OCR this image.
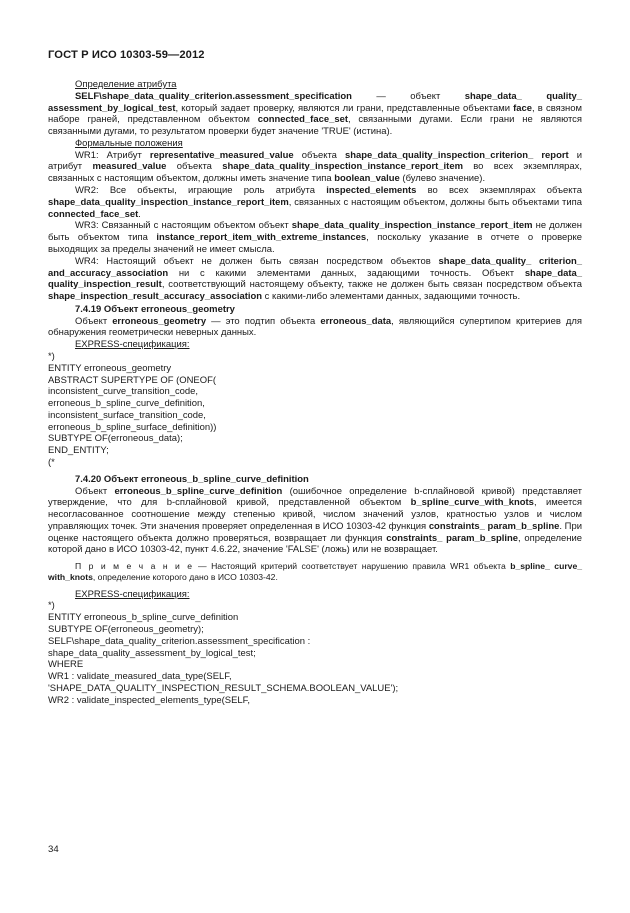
ГОСТ Р ИСО 10303-59—2012

Определение атрибута

SELF\shape_data_quality_criterion.assessment_specification — объект shape_data_ quality_ assessment_by_logical_test, который задает проверку, являются ли грани, представленные объектами face, в связном наборе граней, представленном объектом connected_face_set, связанными дугами. Если грани не являются связанными дугами, то результатом проверки будет значение 'TRUE' (истина).

Формальные положения

WR1: Атрибут representative_measured_value объекта shape_data_quality_inspection_criterion_ report и атрибут measured_value объекта shape_data_quality_inspection_instance_report_item во всех экземплярах, связанных с настоящим объектом, должны иметь значение типа boolean_value (булево значение).

WR2: Все объекты, играющие роль атрибута inspected_elements во всех экземплярах объекта shape_data_quality_inspection_instance_report_item, связанных с настоящим объектом, должны быть объектами типа connected_face_set.

WR3: Связанный с настоящим объектом объект shape_data_quality_inspection_instance_report_item не должен быть объектом типа instance_report_item_with_extreme_instances, поскольку указание в отчете о проверке выходящих за пределы значений не имеет смысла.

WR4: Настоящий объект не должен быть связан посредством объектов shape_data_quality_ criterion_ and_accuracy_association ни с какими элементами данных, задающими точность. Объект shape_data_ quality_inspection_result, соответствующий настоящему объекту, также не должен быть связан посредством объекта shape_inspection_result_accuracy_association с какими-либо элементами данных, задающими точность.

7.4.19 Объект erroneous_geometry

Объект erroneous_geometry — это подтип объекта erroneous_data, являющийся супертипом критериев для обнаружения геометрически неверных данных.

EXPRESS-спецификация:

*)
ENTITY erroneous_geometry
ABSTRACT SUPERTYPE OF (ONEOF(
inconsistent_curve_transition_code,
erroneous_b_spline_curve_definition,
inconsistent_surface_transition_code,
erroneous_b_spline_surface_definition))
SUBTYPE OF(erroneous_data);
END_ENTITY;
(*

7.4.20 Объект erroneous_b_spline_curve_definition

Объект erroneous_b_spline_curve_definition (ошибочное определение b-сплайновой кривой) представляет утверждение, что для b-сплайновой кривой, представленной объектом b_spline_curve_with_knots, имеется несогласованное соотношение между степенью кривой, числом значений узлов, кратностью узлов и числом управляющих точек. Эти значения проверяет определенная в ИСО 10303-42 функция constraints_ param_b_spline. При оценке настоящего объекта должно проверяться, возвращает ли функция constraints_ param_b_spline, определение которой дано в ИСО 10303-42, пункт 4.6.22, значение 'FALSE' (ложь) или не возвращает.

П р и м е ч а н и е — Настоящий критерий соответствует нарушению правила WR1 объекта b_spline_ curve_ with_knots, определение которого дано в ИСО 10303-42.

EXPRESS-спецификация:

*)
ENTITY erroneous_b_spline_curve_definition
SUBTYPE OF(erroneous_geometry);
SELF\shape_data_quality_criterion.assessment_specification :
shape_data_quality_assessment_by_logical_test;
WHERE
WR1 : validate_measured_data_type(SELF,
'SHAPE_DATA_QUALITY_INSPECTION_RESULT_SCHEMA.BOOLEAN_VALUE');
WR2 : validate_inspected_elements_type(SELF,

34
